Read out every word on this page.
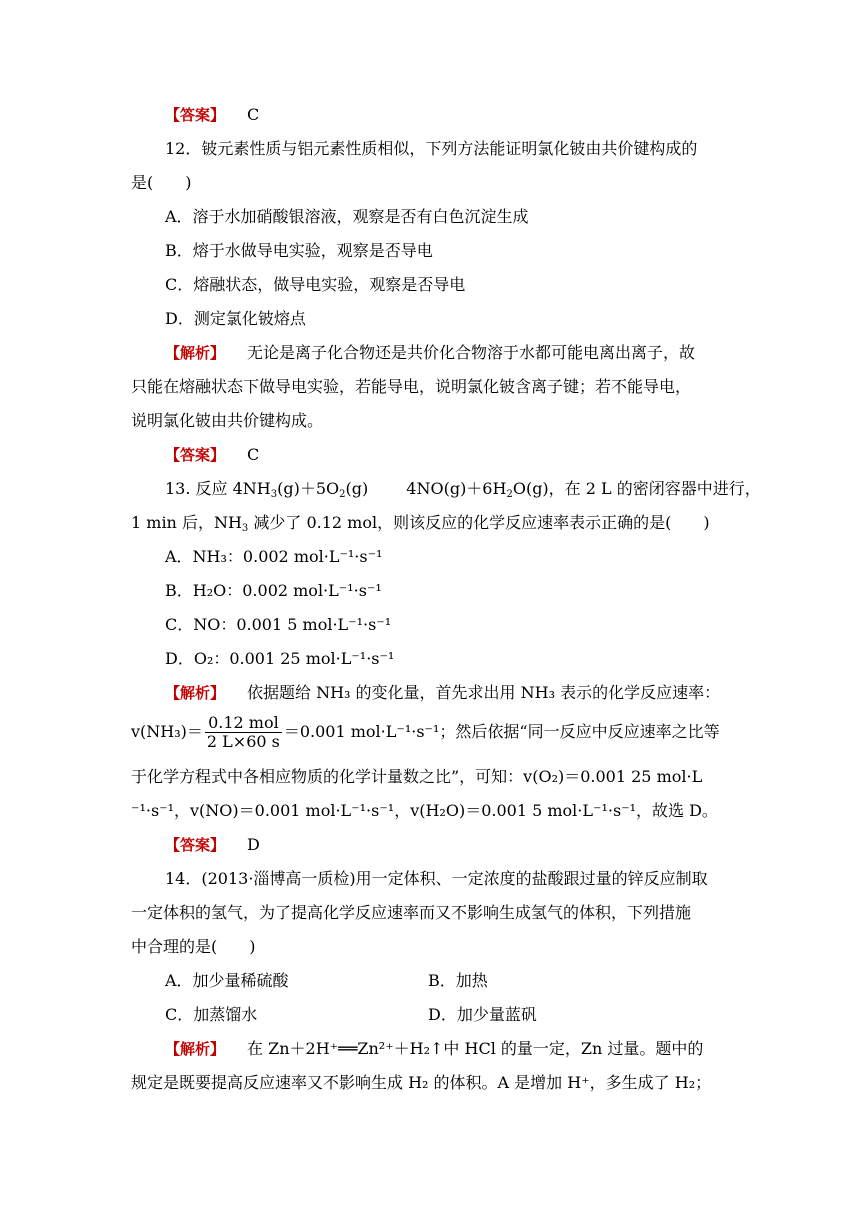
【答案】 C
12．铍元素性质与铝元素性质相似，下列方法能证明氯化铍由共价键构成的
是(　　)
A．溶于水加硝酸银溶液，观察是否有白色沉淀生成
B．熔于水做导电实验，观察是否导电
C．熔融状态，做导电实验，观察是否导电
D．测定氯化铍熔点
【解析】 无论是离子化合物还是共价化合物溶于水都可能电离出离子，故
只能在熔融状态下做导电实验，若能导电，说明氯化铍含离子键；若不能导电，
说明氯化铍由共价键构成。
【答案】 C
13. 反应 $4NH_3(g)+5O_2(g)$ $4NO(g)+6H_2O(g)$，在 2 L 的密闭容器中进行，
1 min 后，$NH_3$ 减少了 0.12 mol，则该反应的化学反应速率表示正确的是(　　)
A．NH₃：0.002 mol·L⁻¹·s⁻¹
B．H₂O：0.002 mol·L⁻¹·s⁻¹
C．NO：0.001 5 mol·L⁻¹·s⁻¹
D．O₂：0.001 25 mol·L⁻¹·s⁻¹
【解析】 依据题给 NH₃ 的变化量，首先求出用 NH₃ 表示的化学反应速率：
$v(NH_3)= \frac{\text{0.12 mol}}{2 L\times 60 s} =0.001$ mol·L⁻¹·s⁻¹；然后依据“同一反应中反应速率之比等
于化学方程式中各相应物质的化学计量数之比”，可知：v(O₂)＝0.001 25 mol·L
⁻¹·s⁻¹，v(NO)＝0.001 mol·L⁻¹·s⁻¹，v(H₂O)＝0.001 5 mol·L⁻¹·s⁻¹，故选 D。
【答案】 D
14．(2013·淄博高一质检)用一定体积、一定浓度的盐酸跟过量的锌反应制取
一定体积的氢气，为了提高化学反应速率而又不影响生成氢气的体积，下列措施
中合理的是(　　)
A．加少量稀硫酸	B．加热
C．加蒸馏水	D．加少量蓝矾
【解析】 在 Zn＋2H⁺══Zn²⁺＋H₂↑中 HCl 的量一定，Zn 过量。题中的
规定是既要提高反应速率又不影响生成 H₂ 的体积。A 是增加 H⁺，多生成了 H₂；
